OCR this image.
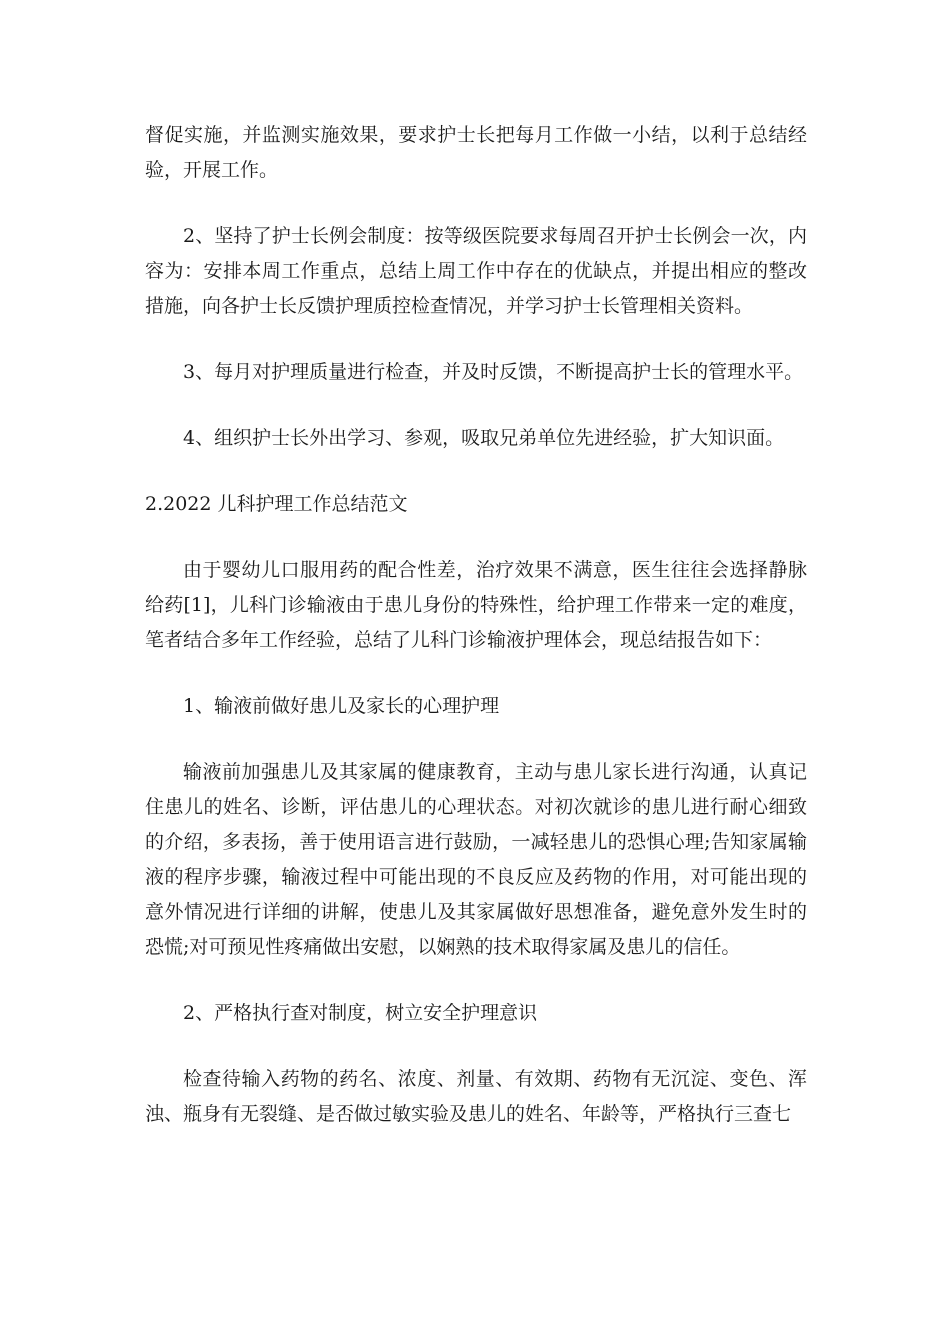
督促实施，并监测实施效果，要求护士长把每月工作做一小结，以利于总结经验，开展工作。

2、坚持了护士长例会制度：按等级医院要求每周召开护士长例会一次，内容为：安排本周工作重点，总结上周工作中存在的优缺点，并提出相应的整改措施，向各护士长反馈护理质控检查情况，并学习护士长管理相关资料。

3、每月对护理质量进行检查，并及时反馈，不断提高护士长的管理水平。

4、组织护士长外出学习、参观，吸取兄弟单位先进经验，扩大知识面。

2.2022 儿科护理工作总结范文

由于婴幼儿口服用药的配合性差，治疗效果不满意，医生往往会选择静脉给药[1]，儿科门诊输液由于患儿身份的特殊性，给护理工作带来一定的难度，笔者结合多年工作经验，总结了儿科门诊输液护理体会，现总结报告如下：

1、输液前做好患儿及家长的心理护理

输液前加强患儿及其家属的健康教育，主动与患儿家长进行沟通，认真记住患儿的姓名、诊断，评估患儿的心理状态。对初次就诊的患儿进行耐心细致的介绍，多表扬，善于使用语言进行鼓励，一减轻患儿的恐惧心理;告知家属输液的程序步骤，输液过程中可能出现的不良反应及药物的作用，对可能出现的意外情况进行详细的讲解，使患儿及其家属做好思想准备，避免意外发生时的恐慌;对可预见性疼痛做出安慰，以娴熟的技术取得家属及患儿的信任。

2、严格执行查对制度，树立安全护理意识

检查待输入药物的药名、浓度、剂量、有效期、药物有无沉淀、变色、浑浊、瓶身有无裂缝、是否做过敏实验及患儿的姓名、年龄等，严格执行三查七
